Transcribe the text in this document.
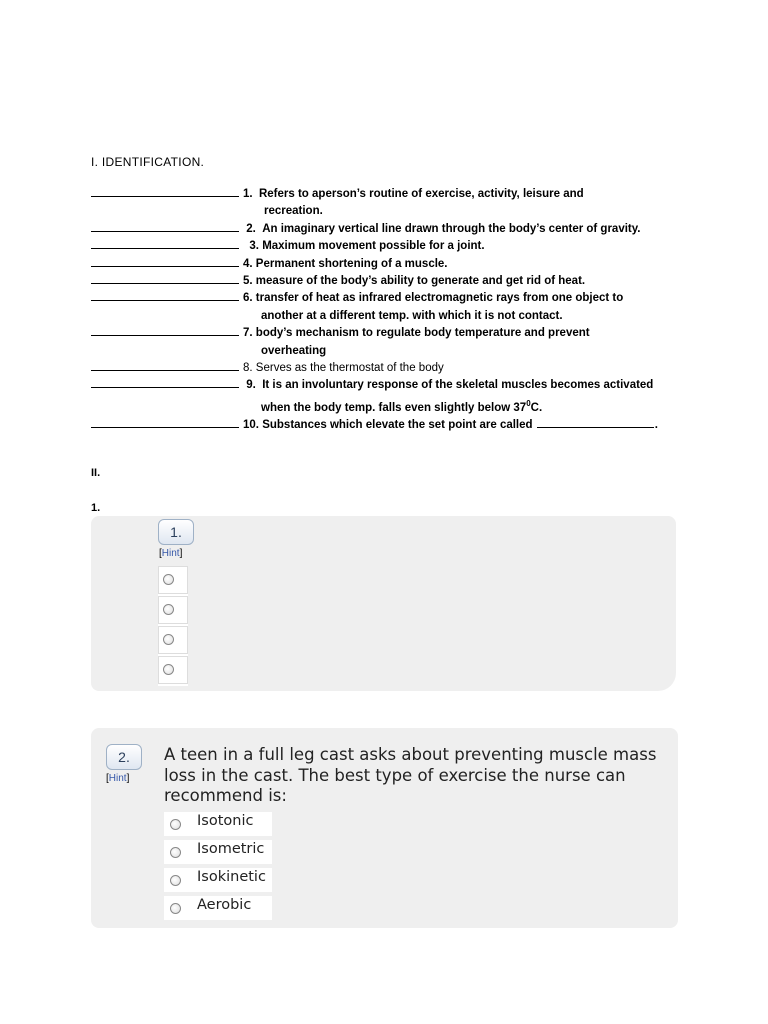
I. IDENTIFICATION.
1. Refers to aperson’s routine of exercise, activity, leisure and
recreation.
2. An imaginary vertical line drawn through the body’s center of gravity.
3. Maximum movement possible for a joint.
4. Permanent shortening of a muscle.
5. measure of the body’s ability to generate and get rid of heat.
6. transfer of heat as infrared electromagnetic rays from one object to
another at a different temp. with which it is not contact.
7. body’s mechanism to regulate body temperature and prevent
overheating
8. Serves as the thermostat of the body
9. It is an involuntary response of the skeletal muscles becomes activated
when the body temp. falls even slightly below $37^0C$.
10. Substances which elevate the set point are called	.
II.
1.
1.
[Hint]
2.
[Hint]
A teen in a full leg cast asks about preventing muscle mass loss in the cast. The best type of exercise the nurse can recommend is:
Isotonic
Isometric
Isokinetic
Aerobic
